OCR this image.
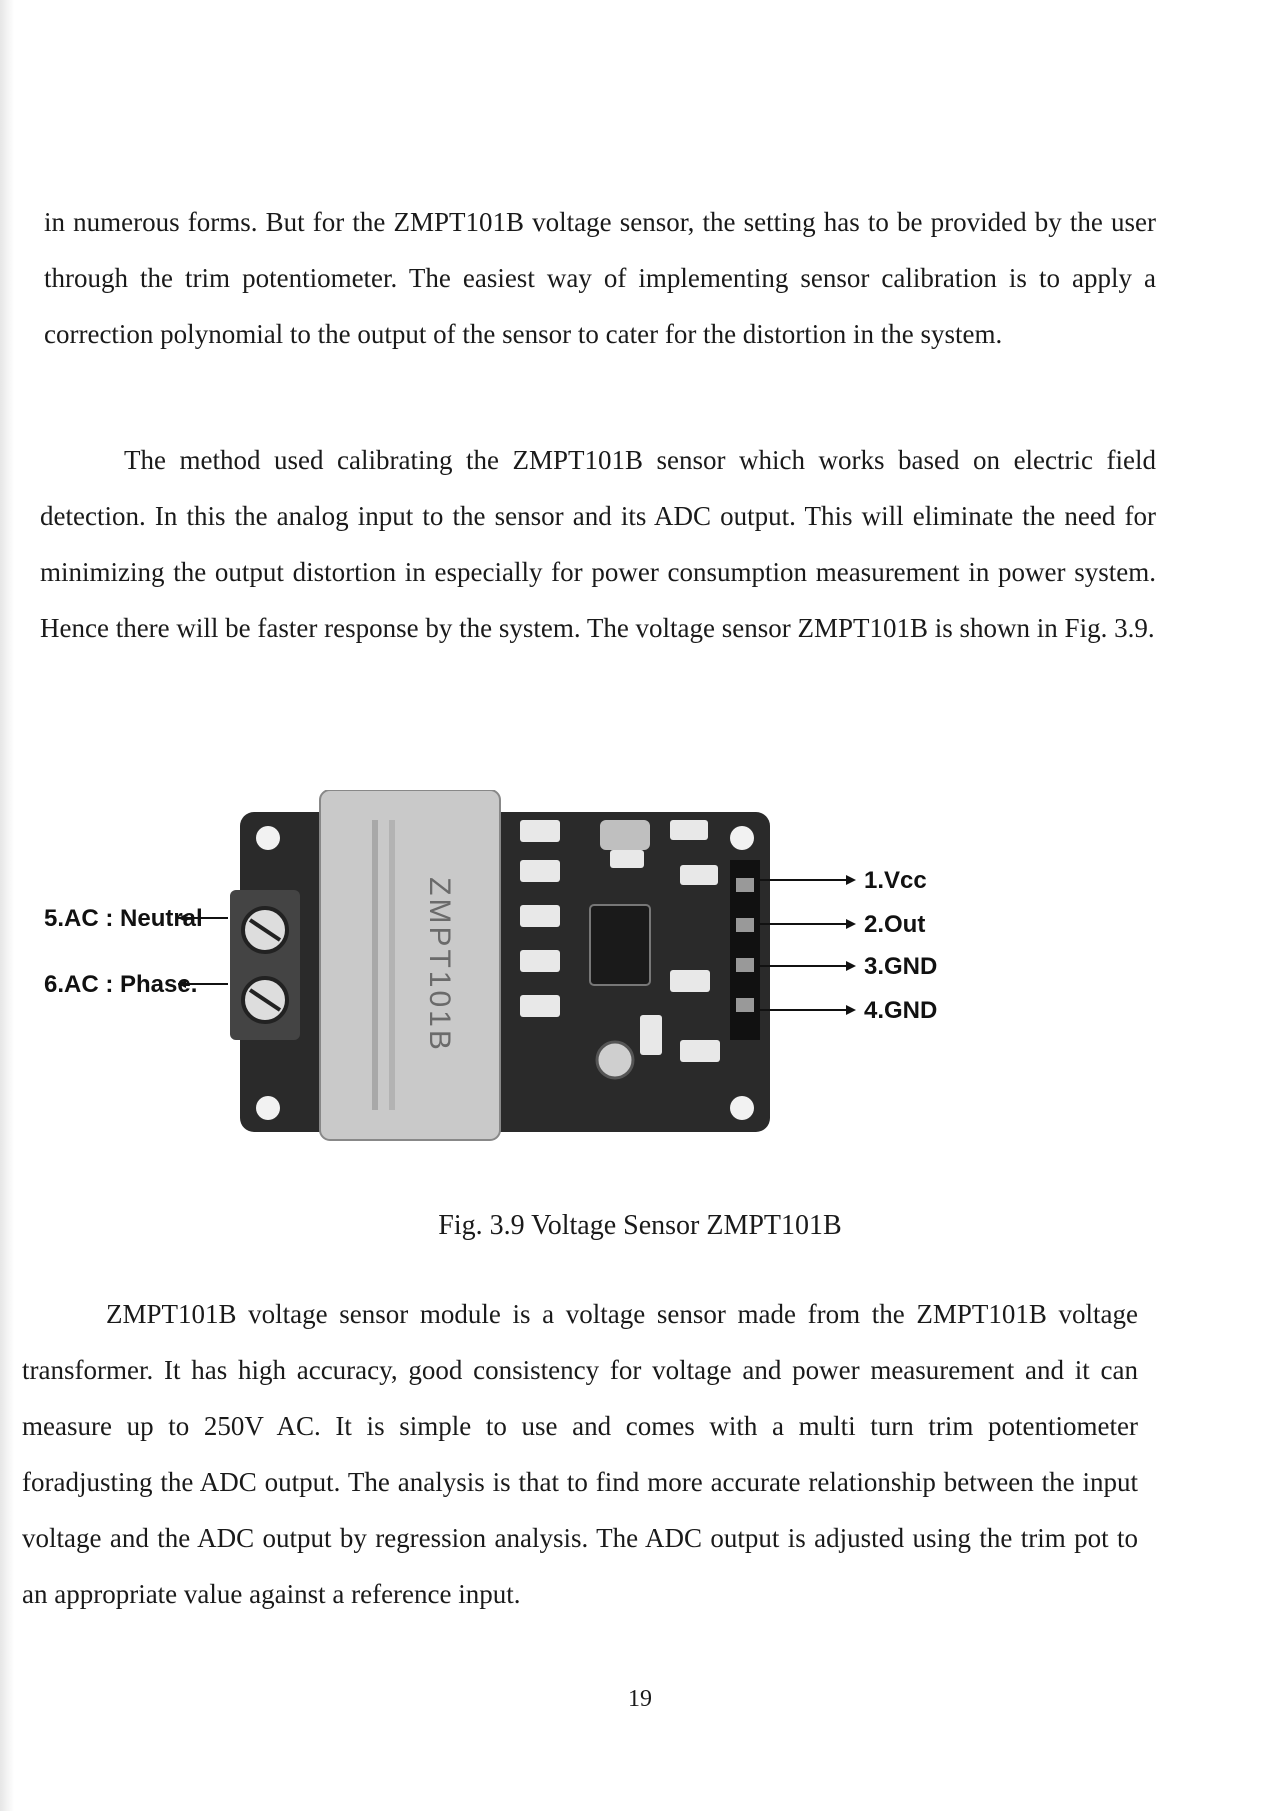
in numerous forms. But for the ZMPT101B voltage sensor, the setting has to be provided by the user through the trim potentiometer. The easiest way of implementing sensor calibration is to apply a correction polynomial to the output of the sensor to cater for the distortion in the system.

The method used calibrating the ZMPT101B sensor which works based on electric field detection. In this the analog input to the sensor and its ADC output. This will eliminate the need for minimizing the output distortion in especially for power consumption measurement in power system. Hence there will be faster response by the system. The voltage sensor ZMPT101B is shown in Fig. 3.9.

ZMPT101B
5.AC : Neutral
6.AC : Phase.
1.Vcc
2.Out
3.GND
4.GND
Fig. 3.9 Voltage Sensor ZMPT101B

ZMPT101B voltage sensor module is a voltage sensor made from the ZMPT101B voltage transformer. It has high accuracy, good consistency for voltage and power measurement and it can measure up to 250V AC. It is simple to use and comes with a multi turn trim potentiometer foradjusting the ADC output. The analysis is that to find more accurate relationship between the input voltage and the ADC output by regression analysis. The ADC output is adjusted using the trim pot to an appropriate value against a reference input.

19
